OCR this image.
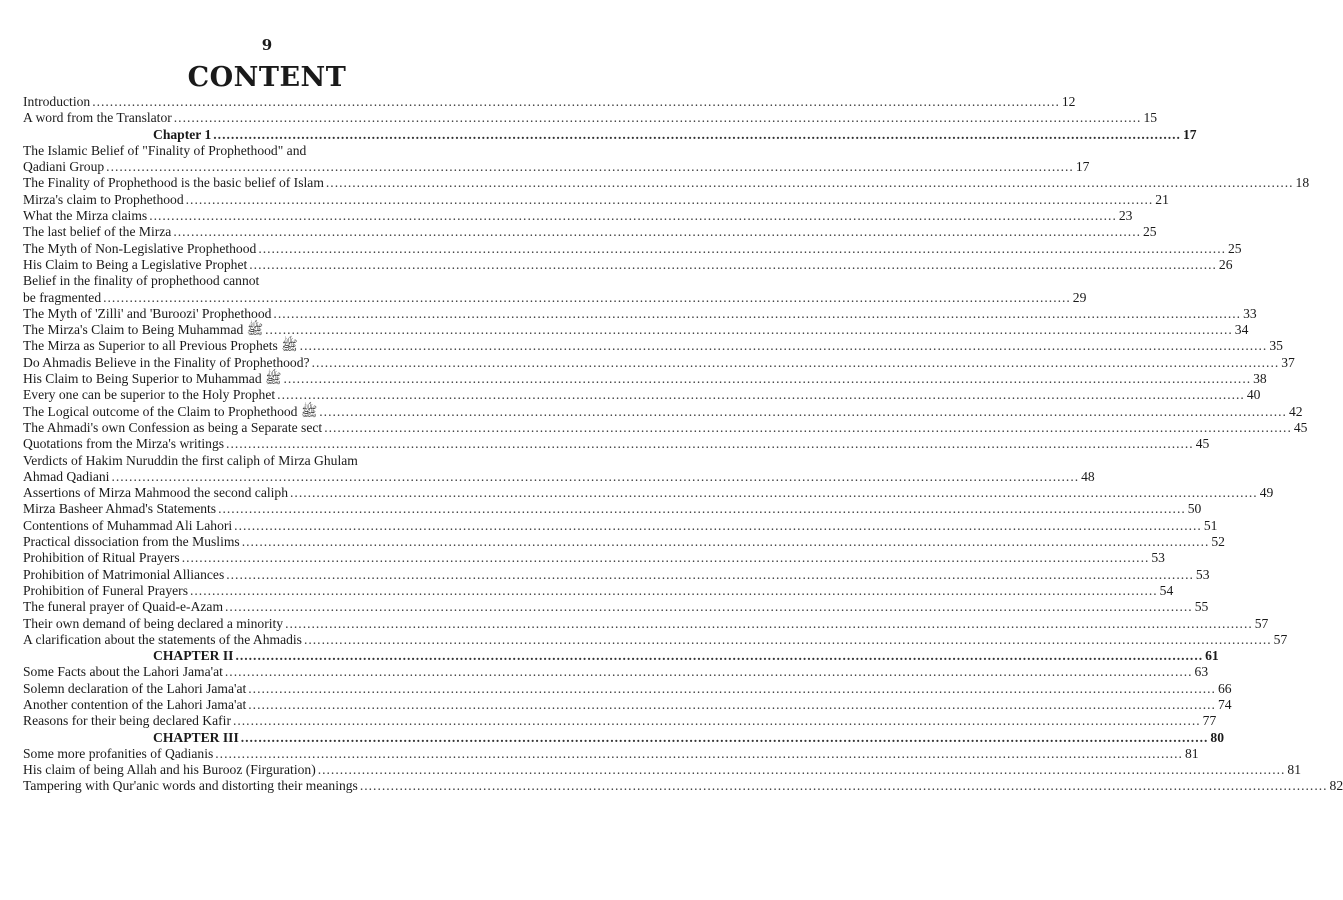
9
CONTENT
Introduction ............................................................................................................................................................................................................................ 12
A word from the Translator ............................................................................................................................................................................................................................ 15
Chapter 1 ............................................................................................................................................................................................................................ 17
The Islamic Belief of "Finality of Prophethood" and
Qadiani Group ............................................................................................................................................................................................................................ 17
The Finality of Prophethood is the basic belief of Islam ............................................................................................................................................................................................................................ 18
Mirza's claim to Prophethood ............................................................................................................................................................................................................................ 21
What the Mirza claims ............................................................................................................................................................................................................................ 23
The last belief of the Mirza ............................................................................................................................................................................................................................ 25
The Myth of Non-Legislative Prophethood ............................................................................................................................................................................................................................ 25
His Claim to Being a Legislative Prophet ............................................................................................................................................................................................................................ 26
Belief in the finality of prophethood cannot
be fragmented ............................................................................................................................................................................................................................ 29
The Myth of 'Zilli' and 'Buroozi' Prophethood ............................................................................................................................................................................................................................ 33
The Mirza's Claim to Being Muhammad ﷺ ............................................................................................................................................................................................................................ 34
The Mirza as Superior to all Previous Prophets ﷺ ............................................................................................................................................................................................................................ 35
Do Ahmadis Believe in the Finality of Prophethood? ............................................................................................................................................................................................................................ 37
His Claim to Being Superior to Muhammad ﷺ ............................................................................................................................................................................................................................ 38
Every one can be superior to the Holy Prophet ............................................................................................................................................................................................................................ 40
The Logical outcome of the Claim to Prophethood ﷺ ............................................................................................................................................................................................................................ 42
The Ahmadi's own Confession as being a Separate sect ............................................................................................................................................................................................................................ 45
Quotations from the Mirza's writings ............................................................................................................................................................................................................................ 45
Verdicts of Hakim Nuruddin the first caliph of Mirza Ghulam
Ahmad Qadiani ............................................................................................................................................................................................................................ 48
Assertions of Mirza Mahmood the second caliph ............................................................................................................................................................................................................................ 49
Mirza Basheer Ahmad's Statements ............................................................................................................................................................................................................................ 50
Contentions of Muhammad Ali Lahori ............................................................................................................................................................................................................................ 51
Practical dissociation from the Muslims ............................................................................................................................................................................................................................ 52
Prohibition of Ritual Prayers ............................................................................................................................................................................................................................ 53
Prohibition of Matrimonial Alliances ............................................................................................................................................................................................................................ 53
Prohibition of Funeral Prayers ............................................................................................................................................................................................................................ 54
The funeral prayer of Quaid-e-Azam ............................................................................................................................................................................................................................ 55
Their own demand of being declared a minority ............................................................................................................................................................................................................................ 57
A clarification about the statements of the Ahmadis ............................................................................................................................................................................................................................ 57
CHAPTER II ............................................................................................................................................................................................................................ 61
Some Facts about the Lahori Jama'at ............................................................................................................................................................................................................................ 63
Solemn declaration of the Lahori Jama'at ............................................................................................................................................................................................................................ 66
Another contention of the Lahori Jama'at ............................................................................................................................................................................................................................ 74
Reasons for their being declared Kafir ............................................................................................................................................................................................................................ 77
CHAPTER III ............................................................................................................................................................................................................................ 80
Some more profanities of Qadianis ............................................................................................................................................................................................................................ 81
His claim of being Allah and his Burooz (Firguration) ............................................................................................................................................................................................................................ 81
Tampering with Qur'anic words and distorting their meanings ............................................................................................................................................................................................................................ 82
